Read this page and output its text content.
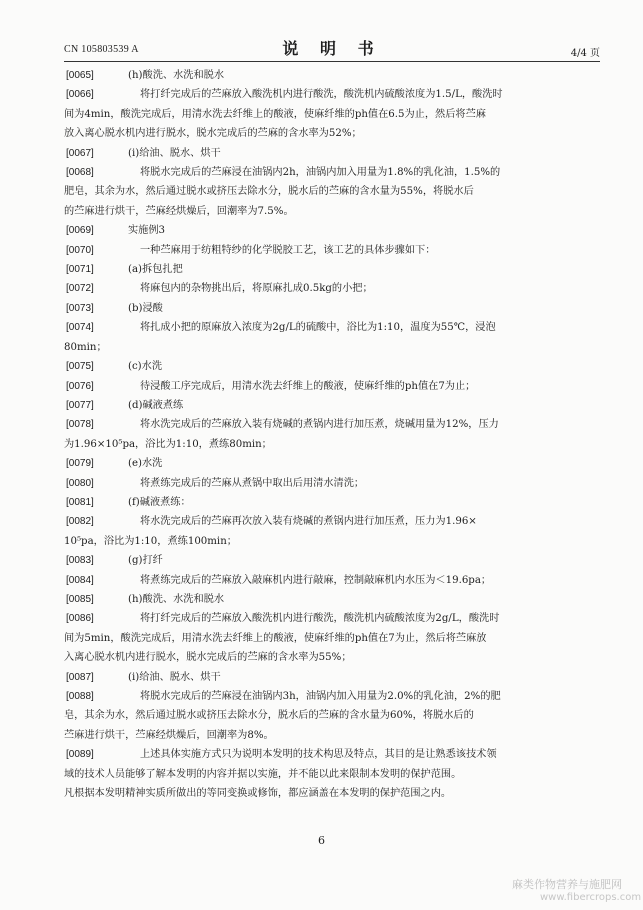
CN 105803539 A	说 明 书	4/4 页
[0065]	(h)酸洗、水洗和脱水
[0066]	将打纤完成后的苎麻放入酸洗机内进行酸洗，酸洗机内硫酸浓度为1.5/L，酸洗时
间为4min，酸洗完成后，用清水洗去纤维上的酸液，使麻纤维的ph值在6.5为止，然后将苎麻
放入离心脱水机内进行脱水，脱水完成后的苎麻的含水率为52%；
[0067]	(i)给油、脱水、烘干
[0068]	将脱水完成后的苎麻浸在油锅内2h，油锅内加入用量为1.8%的乳化油，1.5%的
肥皂，其余为水，然后通过脱水或挤压去除水分，脱水后的苎麻的含水量为55%，将脱水后
的苎麻进行烘干，苎麻经烘燥后，回潮率为7.5%。
[0069]	实施例3
[0070]	一种苎麻用于纺粗特纱的化学脱胶工艺，该工艺的具体步骤如下：
[0071]	(a)拆包扎把
[0072]	将麻包内的杂物挑出后，将原麻扎成0.5kg的小把；
[0073]	(b)浸酸
[0074]	将扎成小把的原麻放入浓度为2g/L的硫酸中，浴比为1:10，温度为55℃，浸泡
80min；
[0075]	(c)水洗
[0076]	待浸酸工序完成后，用清水洗去纤维上的酸液，使麻纤维的ph值在7为止；
[0077]	(d)碱液煮练
[0078]	将水洗完成后的苎麻放入装有烧碱的煮锅内进行加压煮，烧碱用量为12%，压力
为1.96×10⁵pa，浴比为1:10，煮练80min；
[0079]	(e)水洗
[0080]	将煮练完成后的苎麻从煮锅中取出后用清水清洗；
[0081]	(f)碱液煮练：
[0082]	将水洗完成后的苎麻再次放入装有烧碱的煮锅内进行加压煮，压力为1.96×
10⁵pa，浴比为1:10，煮练100min；
[0083]	(g)打纤
[0084]	将煮练完成后的苎麻放入敲麻机内进行敲麻，控制敲麻机内水压为＜19.6pa；
[0085]	(h)酸洗、水洗和脱水
[0086]	将打纤完成后的苎麻放入酸洗机内进行酸洗，酸洗机内硫酸浓度为2g/L，酸洗时
间为5min，酸洗完成后，用清水洗去纤维上的酸液，使麻纤维的ph值在7为止，然后将苎麻放
入离心脱水机内进行脱水，脱水完成后的苎麻的含水率为55%；
[0087]	(i)给油、脱水、烘干
[0088]	将脱水完成后的苎麻浸在油锅内3h，油锅内加入用量为2.0%的乳化油，2%的肥
皂，其余为水，然后通过脱水或挤压去除水分，脱水后的苎麻的含水量为60%，将脱水后的
苎麻进行烘干，苎麻经烘燥后，回潮率为8%。
[0089]	上述具体实施方式只为说明本发明的技术构思及特点，其目的是让熟悉该技术领
域的技术人员能够了解本发明的内容并据以实施，并不能以此来限制本发明的保护范围。
凡根据本发明精神实质所做出的等同变换或修饰，都应涵盖在本发明的保护范围之内。
6
麻类作物营养与施肥网
www.fibercrops.com
